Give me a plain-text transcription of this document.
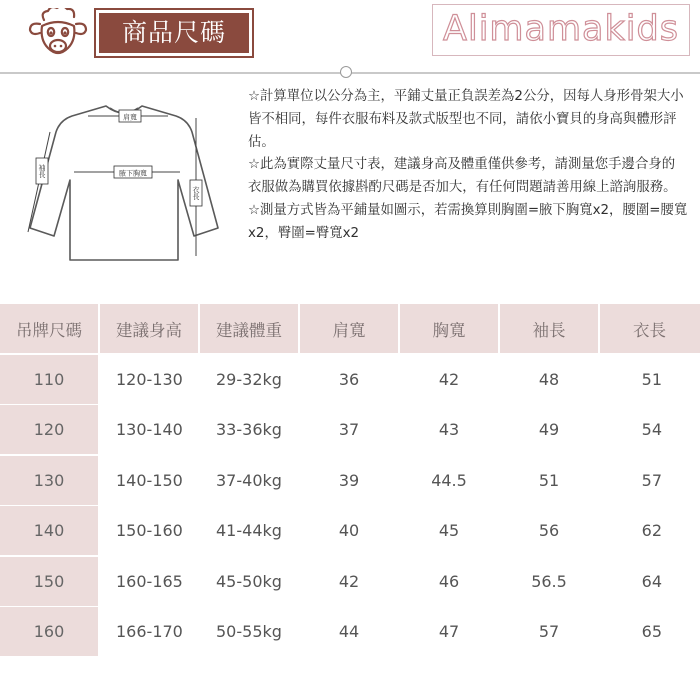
商品尺碼	Alimamakids
肩寬
腋下胸寬
衣長
袖長

☆計算單位以公分為主，平鋪丈量正負誤差為2公分，因每人身形骨架大小皆不相同，每件衣服布料及款式版型也不同，請依小寶貝的身高與體形評估。

☆此為實際丈量尺寸表，建議身高及體重僅供參考，請測量您手邊合身的衣服做為購買依據斟酌尺碼是否加大，有任何問題請善用線上諮詢服務。

☆測量方式皆為平鋪量如圖示，若需換算則胸圍=腋下胸寬x2，腰圍=腰寬x2，臀圍=臀寬x2

吊牌尺碼	建議身高	建議體重	肩寬	胸寬	袖長	衣長
110	120-130	29-32kg	36	42	48	51
120	130-140	33-36kg	37	43	49	54
130	140-150	37-40kg	39	44.5	51	57
140	150-160	41-44kg	40	45	56	62
150	160-165	45-50kg	42	46	56.5	64
160	166-170	50-55kg	44	47	57	65
